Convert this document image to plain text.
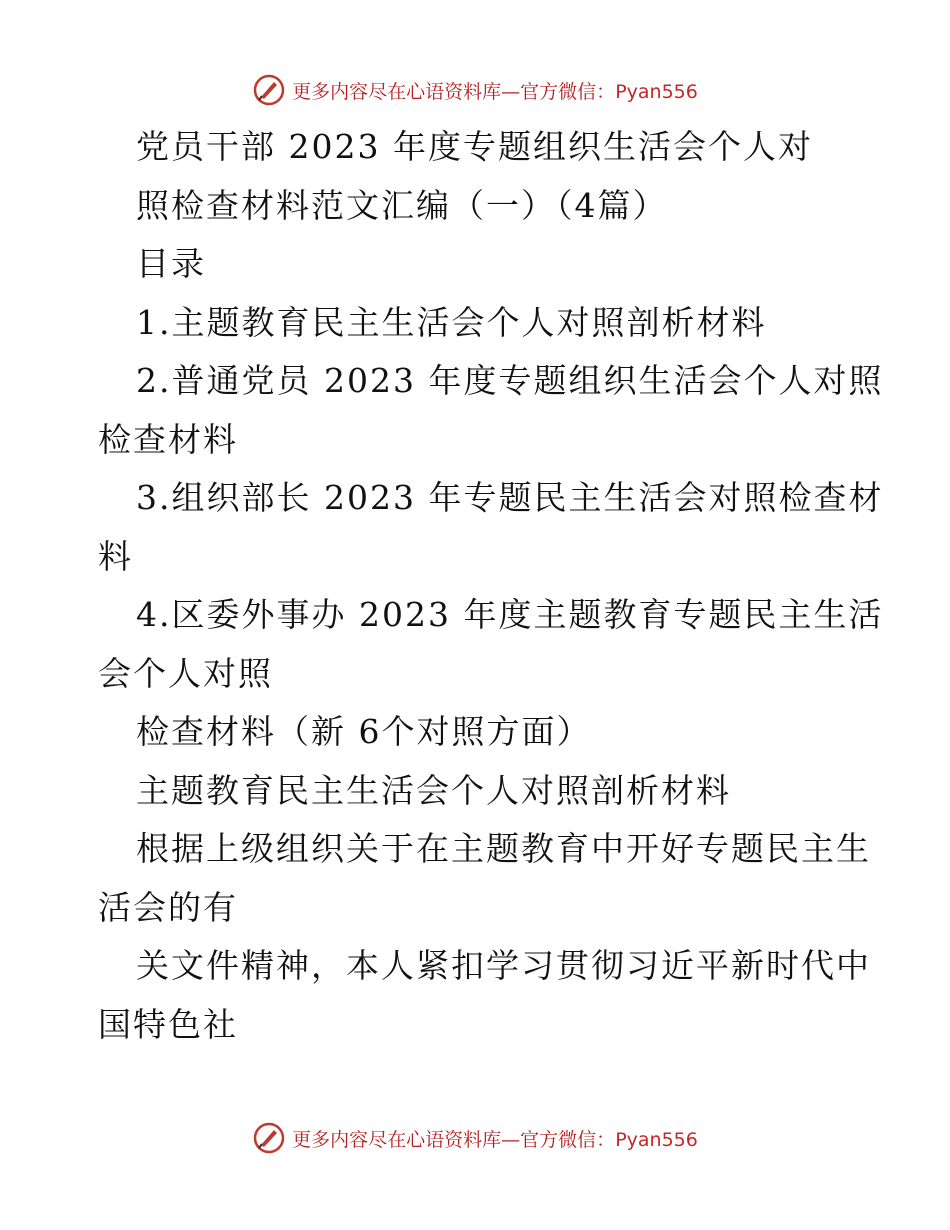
更多内容尽在心语资料库—官方微信：Pyan556
党员干部 2023 年度专题组织生活会个人对
照检查材料范文汇编（一）（4篇）
目录
1.主题教育民主生活会个人对照剖析材料
2.普通党员 2023 年度专题组织生活会个人对照
检查材料
3.组织部长 2023 年专题民主生活会对照检查材
料
4.区委外事办 2023 年度主题教育专题民主生活
会个人对照
检查材料（新 6个对照方面）
主题教育民主生活会个人对照剖析材料
根据上级组织关于在主题教育中开好专题民主生
活会的有
关文件精神，本人紧扣学习贯彻习近平新时代中
国特色社
更多内容尽在心语资料库—官方微信：Pyan556
